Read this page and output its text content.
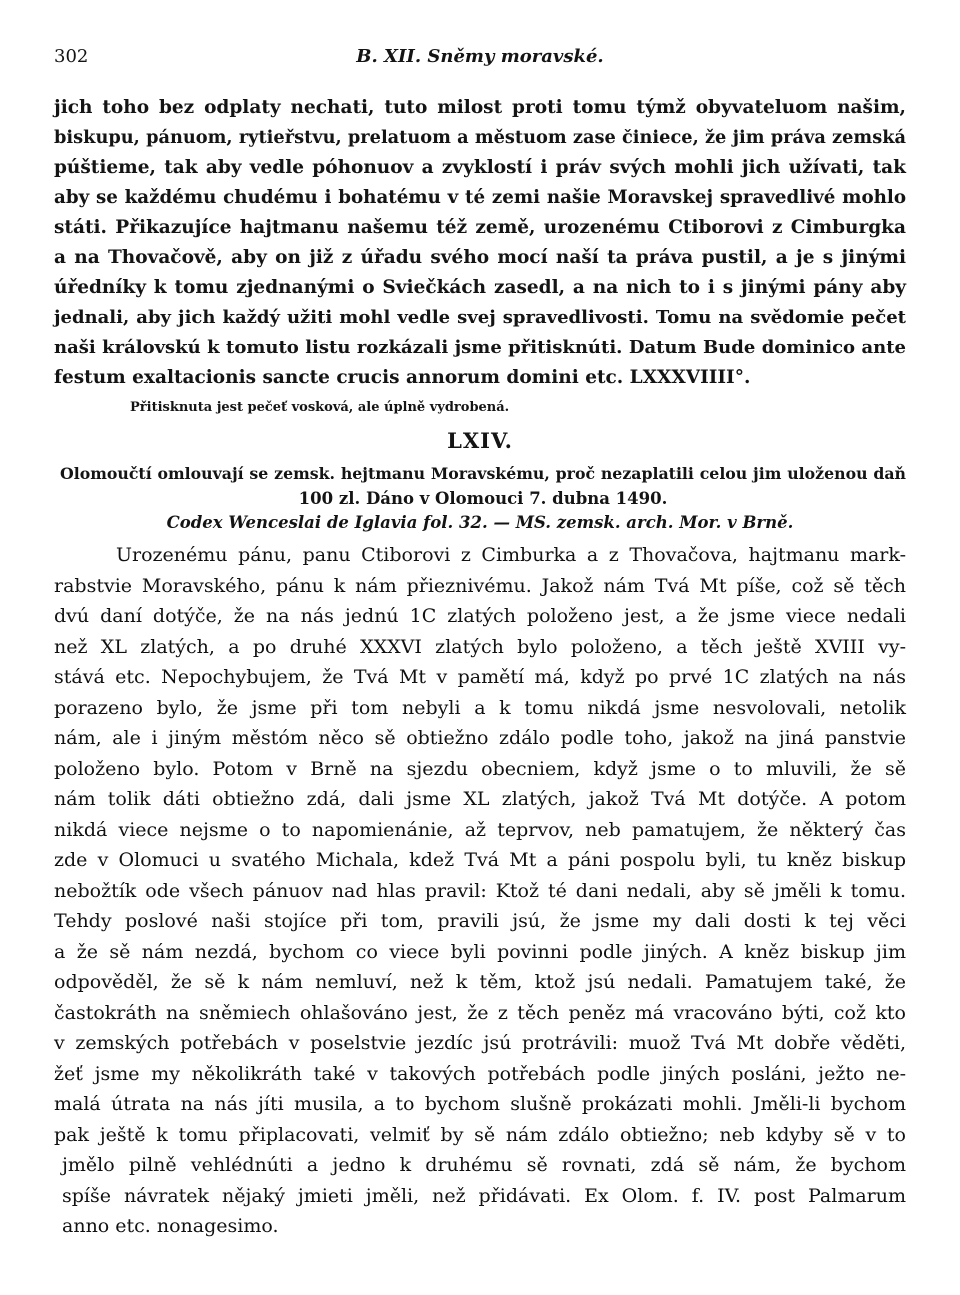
302	B. XII. Sněmy moravské.
jich toho bez odplaty nechati, tuto milost proti tomu týmž obyvateluom našim,
biskupu, pánuom, rytieřstvu, prelatuom a městuom zase činiece, že jim práva zemská
púštieme, tak aby vedle póhonuov a zvyklostí i práv svých mohli jich užívati, tak
aby se každému chudému i bohatému v té zemi našie Moravskej spravedlivé mohlo
státi. Přikazujíce hajtmanu našemu též země, urozenému Ctiborovi z Cimburgka
a na Thovačově, aby on již z úřadu svého mocí naší ta práva pustil, a je s jinými
úředníky k tomu zjednanými o Sviečkách zasedl, a na nich to i s jinými pány aby
jednali, aby jich každý užiti mohl vedle svej spravedlivosti. Tomu na svědomie pečet
naši královskú k tomuto listu rozkázali jsme přitisknúti. Datum Bude dominico ante
festum exaltacionis sancte crucis annorum domini etc. LXXXVIIII°.
Přitisknuta jest pečeť vosková, ale úplně vydrobená.
LXIV.
Olomoučtí omlouvají se zemsk. hejtmanu Moravskému, proč nezaplatili celou jim uloženou daň
100 zl. Dáno v Olomouci 7. dubna 1490.
Codex Wenceslai de Iglavia fol. 32. — MS. zemsk. arch. Mor. v Brně.
Urozenému pánu, panu Ctiborovi z Cimburka a z Thovačova, hajtmanu mark-
rabstvie Moravského, pánu k nám přieznivému. Jakož nám Tvá Mt píše, což sě těch
dvú daní dotýče, že na nás jednú 1C zlatých položeno jest, a že jsme viece nedali
než XL zlatých, a po druhé XXXVI zlatých bylo položeno, a těch ještě XVIII vy-
stává etc. Nepochybujem, že Tvá Mt v pamětí má, když po prvé 1C zlatých na nás
porazeno bylo, že jsme při tom nebyli a k tomu nikdá jsme nesvolovali, netolik
nám, ale i jiným městóm něco sě obtiežno zdálo podle toho, jakož na jiná panstvie
položeno bylo. Potom v Brně na sjezdu obecniem, když jsme o to mluvili, že sě
nám tolik dáti obtiežno zdá, dali jsme XL zlatých, jakož Tvá Mt dotýče. A potom
nikdá viece nejsme o to napomienánie, až teprvov, neb pamatujem, že některý čas
zde v Olomuci u svatého Michala, kdež Tvá Mt a páni pospolu byli, tu kněz biskup
nebožtík ode všech pánuov nad hlas pravil: Ktož té dani nedali, aby sě jměli k tomu.
Tehdy poslové naši stojíce při tom, pravili jsú, že jsme my dali dosti k tej věci
a že sě nám nezdá, bychom co viece byli povinni podle jiných. A kněz biskup jim
odpověděl, že sě k nám nemluví, než k těm, ktož jsú nedali. Pamatujem také, že
častokráth na sněmiech ohlašováno jest, že z těch peněz má vracováno býti, což kto
v zemských potřebách v poselstvie jezdíc jsú protrávili: muož Tvá Mt dobře věděti,
žeť jsme my několikráth také v takových potřebách podle jiných posláni, ježto ne-
malá útrata na nás jíti musila, a to bychom slušně prokázati mohli. Jměli-li bychom
pak ještě k tomu připlacovati, velmiť by sě nám zdálo obtiežno; neb kdyby sě v to
jmělo pilně vehlédnúti a jedno k druhému sě rovnati, zdá sě nám, že bychom
spíše návratek nějaký jmieti jměli, než přidávati. Ex Olom. f. IV. post Palmarum
anno etc. nonagesimo.
